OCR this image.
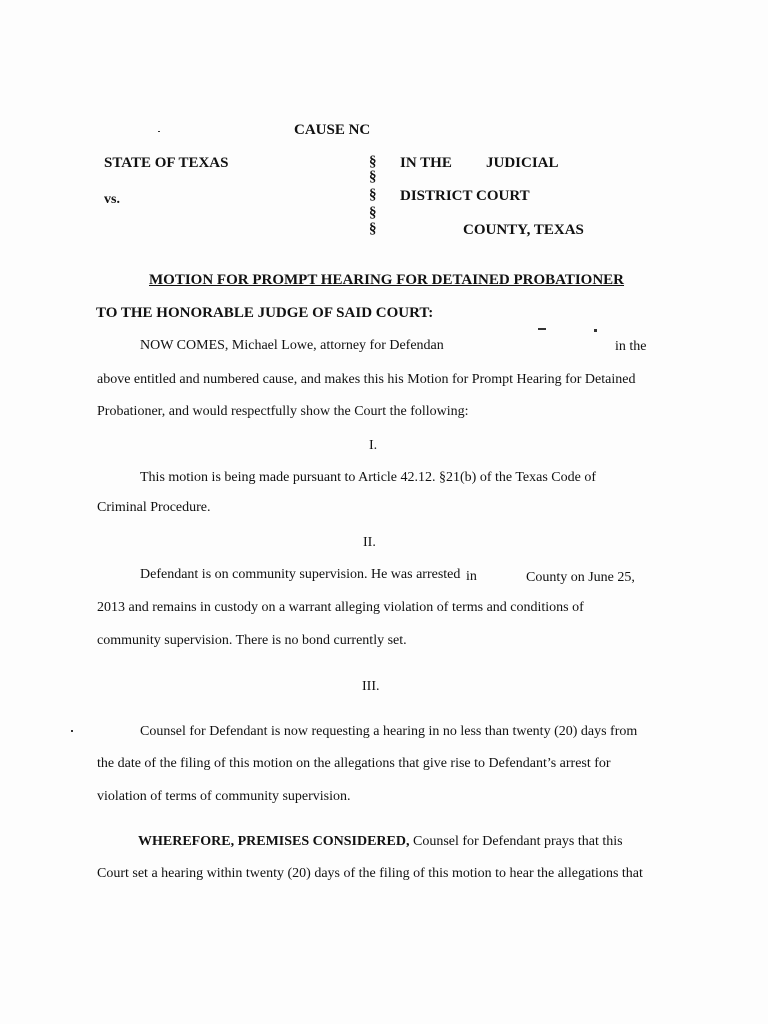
CAUSE NC
STATE OF TEXAS
vs.
§
§
§
§
§
IN THE JUDICIAL
DISTRICT COURT
COUNTY, TEXAS
MOTION FOR PROMPT HEARING FOR DETAINED PROBATIONER
TO THE HONORABLE JUDGE OF SAID COURT:
NOW COMES, Michael Lowe, attorney for Defendan	in the
above entitled and numbered cause, and makes this his Motion for Prompt Hearing for Detained
Probationer, and would respectfully show the Court the following:
I.
This motion is being made pursuant to Article 42.12. §21(b) of the Texas Code of
Criminal Procedure.
II.
Defendant is on community supervision. He was arrested in	County on June 25,
2013 and remains in custody on a warrant alleging violation of terms and conditions of
community supervision. There is no bond currently set.
III.
Counsel for Defendant is now requesting a hearing in no less than twenty (20) days from
the date of the filing of this motion on the allegations that give rise to Defendant’s arrest for
violation of terms of community supervision.
WHEREFORE, PREMISES CONSIDERED, Counsel for Defendant prays that this
Court set a hearing within twenty (20) days of the filing of this motion to hear the allegations that
